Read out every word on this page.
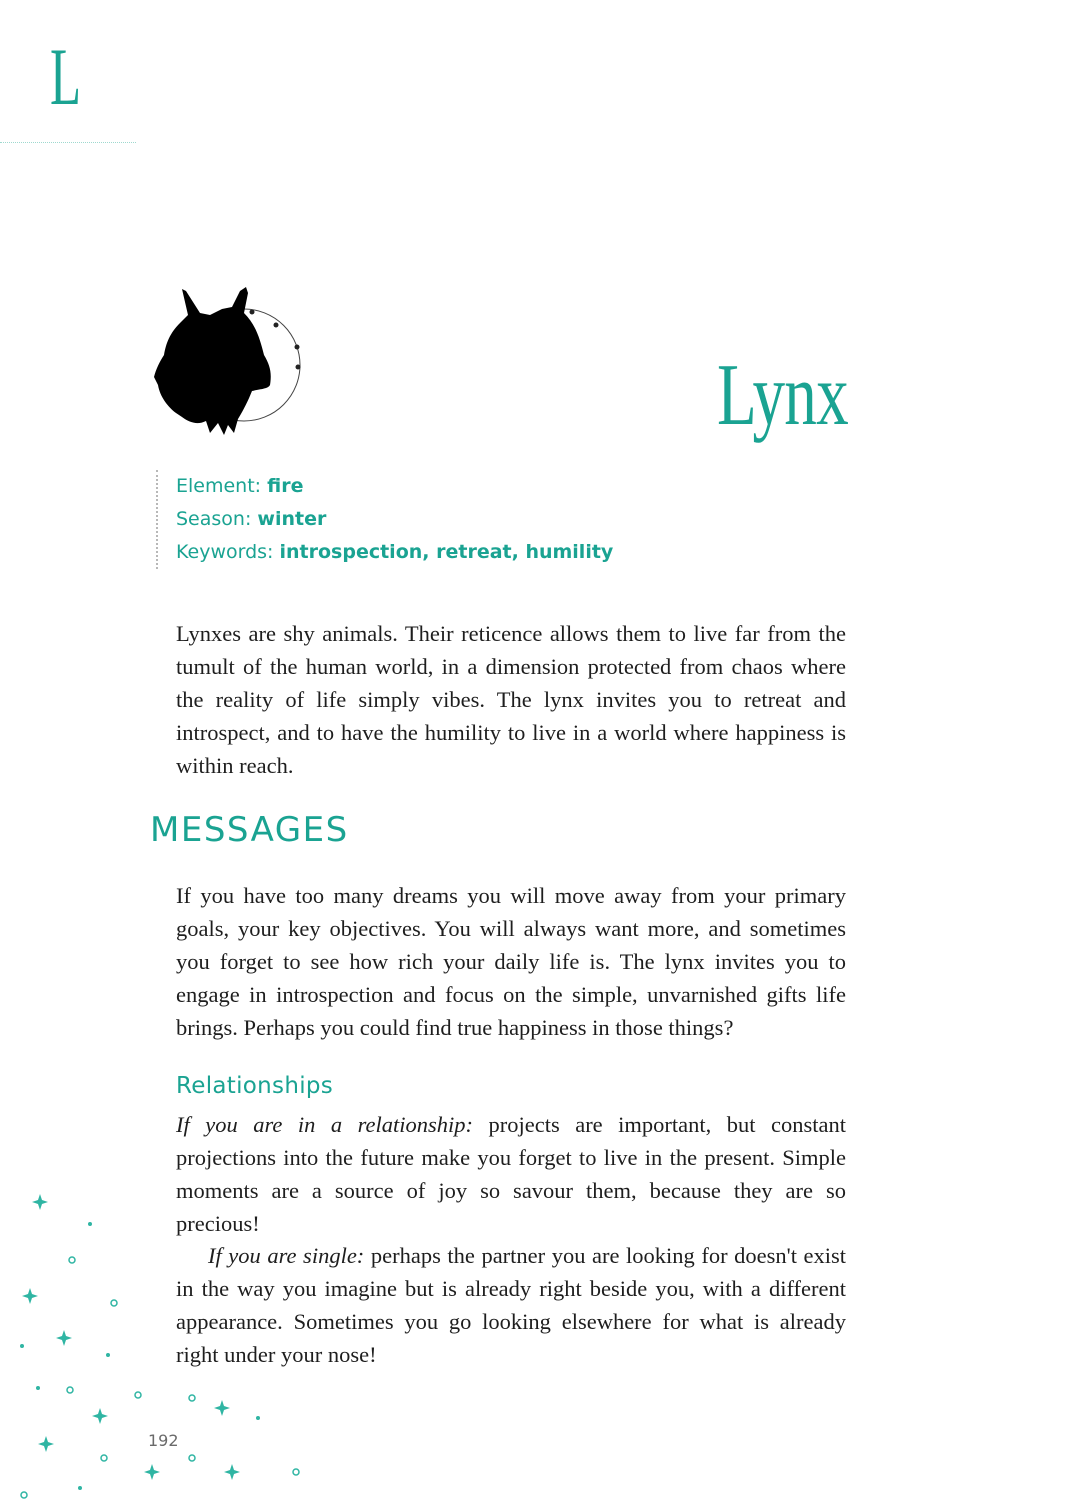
L
Lynx
Element: fire
Season: winter
Keywords: introspection, retreat, humility

Lynxes are shy animals. Their reticence allows them to live far from the tumult of the human world, in a dimension protected from chaos where the reality of life simply vibes. The lynx invites you to retreat and introspect, and to have the humility to live in a world where happiness is within reach.

MESSAGES

If you have too many dreams you will move away from your primary goals, your key objectives. You will always want more, and sometimes you forget to see how rich your daily life is. The lynx invites you to engage in introspection and focus on the simple, unvarnished gifts life brings. Perhaps you could find true happiness in those things?

Relationships

If you are in a relationship: projects are important, but constant projections into the future make you forget to live in the present. Simple moments are a source of joy so savour them, because they are so precious!

If you are single: perhaps the partner you are looking for doesn't exist in the way you imagine but is already right beside you, with a different appearance. Sometimes you go looking elsewhere for what is already right under your nose!

192
